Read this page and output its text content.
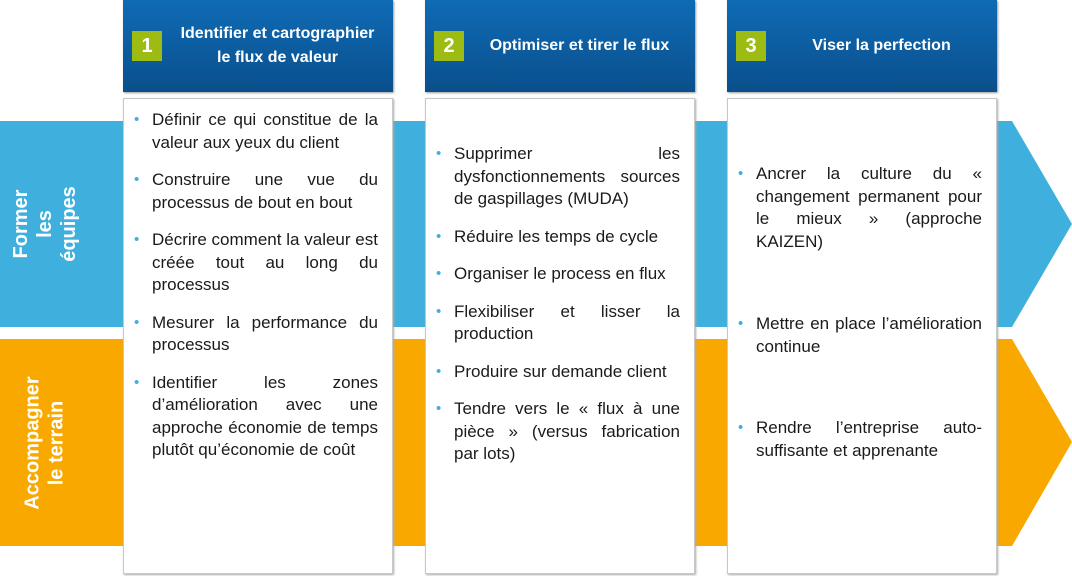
Former les équipes
Accompagner le terrain
1
Identifier et cartographier le flux de valeur
2	Optimiser et tirer le flux	3	Viser la perfection
• Définir ce qui constitue de la valeur aux yeux du client
• Construire une vue du processus de bout en bout
• Décrire comment la valeur est créée tout au long du processus
• Mesurer la performance du processus
• Identifier les zones d’amélioration avec une approche économie de temps plutôt qu’économie de coût
• Supprimer les dysfonctionnements sources de gaspillages (MUDA)
• Réduire les temps de cycle
• Organiser le process en flux
• Flexibiliser et lisser la production
• Produire sur demande client
• Tendre vers le « flux à une pièce » (versus fabrication par lots)
• Ancrer la culture du « changement permanent pour le mieux » (approche KAIZEN)
• Mettre en place l’amélioration continue
• Rendre l’entreprise auto-suffisante et apprenante
